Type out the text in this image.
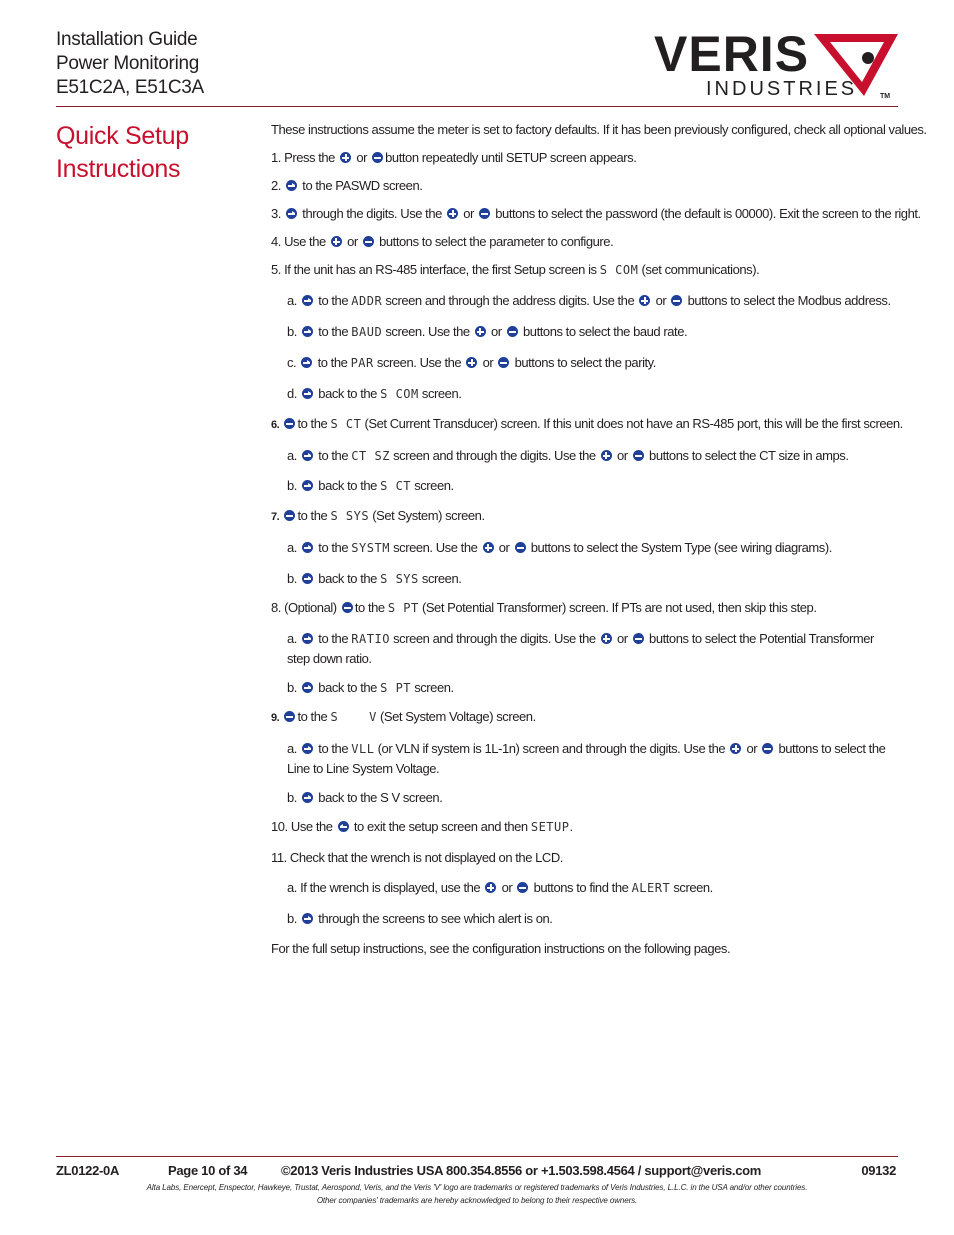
Installation Guide
Power Monitoring
E51C2A, E51C3A
VERIS
INDUSTRIES	TM
Quick Setup
Instructions

These instructions assume the meter is set to factory defaults. If it has been previously configured, check all optional values.

1. Press the or button repeatedly until SETUP screen appears.

2. to the PASWD screen.

3. through the digits. Use the or buttons to select the password (the default is 00000). Exit the screen to the right.

4. Use the or buttons to select the parameter to configure.

5. If the unit has an RS-485 interface, the first Setup screen is S COM (set communications).

a. to the ADDR screen and through the address digits. Use the or buttons to select the Modbus address.

b. to the BAUD screen. Use the or buttons to select the baud rate.

c. to the PAR screen. Use the or buttons to select the parity.

d. back to the S COM screen.

6. to the S CT (Set Current Transducer) screen. If this unit does not have an RS-485 port, this will be the first screen.

a. to the CT SZ screen and through the digits. Use the or buttons to select the CT size in amps.

b. back to the S CT screen.

7. to the S SYS (Set System) screen.

a. to the SYSTM screen. Use the or buttons to select the System Type (see wiring diagrams).

b. back to the S SYS screen.

8. (Optional) to the S PT (Set Potential Transformer) screen. If PTs are not used, then skip this step.

a. to the RATIO screen and through the digits. Use the or buttons to select the Potential Transformer step down ratio.

b. back to the S PT screen.

9. to the S    V (Set System Voltage) screen.

a. to the VLL (or VLN if system is 1L-1n) screen and through the digits. Use the or buttons to select the Line to Line System Voltage.

b. back to the S V screen.

10. Use the to exit the setup screen and then SETUP.

11. Check that the wrench is not displayed on the LCD.

a. If the wrench is displayed, use the or buttons to find the ALERT screen.

b. through the screens to see which alert is on.

For the full setup instructions, see the configuration instructions on the following pages.

ZL0122-0A	Page 10 of 34	©2013 Veris Industries USA 800.354.8556 or +1.503.598.4564 / support@veris.com	09132
Alta Labs, Enercept, Enspector, Hawkeye, Trustat, Aerospond, Veris, and the Veris 'V' logo are trademarks or registered trademarks of Veris Industries, L.L.C. in the USA and/or other countries.
Other companies' trademarks are hereby acknowledged to belong to their respective owners.
